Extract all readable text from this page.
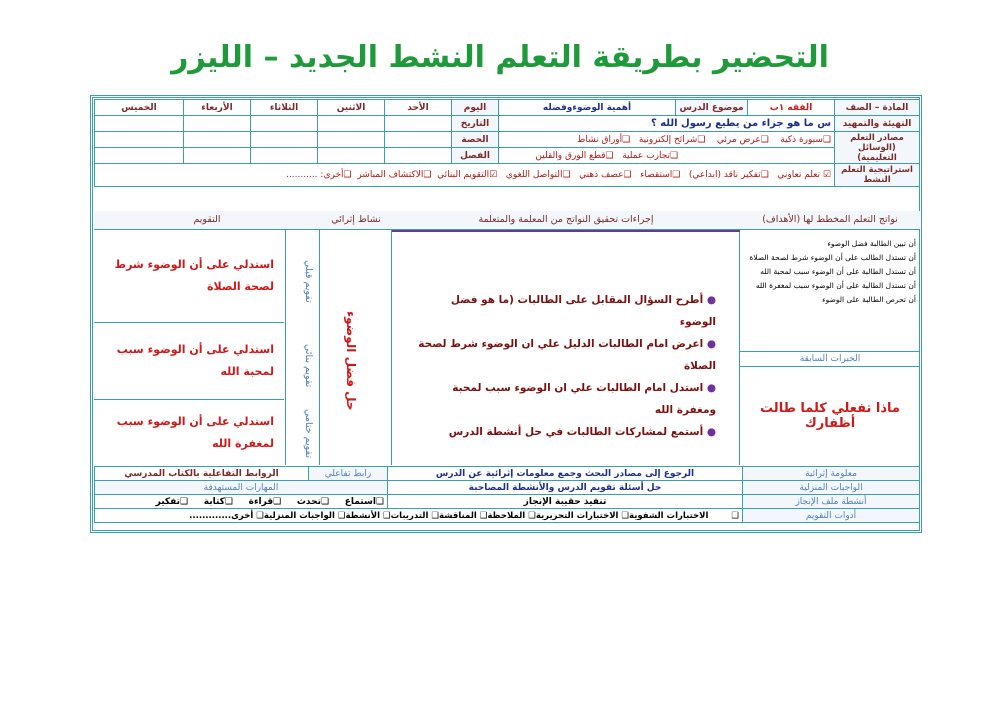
التحضير بطريقة التعلم النشط الجديد – الليزر
المادة – الصف	الفقه ١ب	موضوع الدرس	أهمية الوضوءوفضله	اليوم	الأحد	الاثنين	الثلاثاء	الأربعاء	الخميس
التهيئة والتمهيد	س ما هو جزاء من يطيع رسول الله ؟			التاريخ					
مصادر التعلم (الوسائل التعليمية)	❑سبورة ذكية    ❑عرض مرئي    ❑شرائح إلكترونية   ❑أوراق نشاط			الحصة					
	❑تجارب عملية   ❑قطع الورق والقلين			الفصل					
استراتيجية التعلم النشط	☑ تعلم تعاوني   ❑تفكير ناقد (ابداعي)   ❑استقصاء   ❑عصف ذهني   ❑التواصل اللغوي   ☑التقويم البنائي  ❑الاكتشاف المباشر  ❑أخرى: ...........								
نواتج التعلم المخطط لها (الأهداف)
أن تبين الطالبة فضل الوضوء
أن تستدل الطالب على أن الوضوء شرط لصحة الصلاة
أن تستدل الطالبة على أن الوضوء سبب لمحبة الله
أن تستدل الطالبة على أن الوضوء سبب لمغفرة الله
أن تحرص الطالبة على الوضوء
الخبرات السابقة
ماذا تفعلي كلما طالت أظفارك
إجراءات تحقيق النواتج من المعلمة والمتعلمة
● أطرح السؤال المقابل على الطالبات (ما هو فضل الوضوء
● اعرض امام الطالبات الدليل علي ان الوضوء شرط لصحة الصلاة
● استدل امام الطالبات علي ان الوضوء سبب لمحبة ومغفرة الله
● أستمع لمشاركات الطالبات في حل أنشطة الدرس
نشاط إثرائي
حل فضل الوضوء
التقويم
استدلي على أن الوضوء شرط لصحة الصلاة	تقويم قبلي
استدلي على أن الوضوء سبب لمحبة الله	تقويم بنائي
استدلي على أن الوضوء سبب لمغفرة الله	تقويم ختامي
معلومة إثرائية	الرجوع إلى مصادر البحث وجمع معلومات إثرائية عن الدرس	رابط تفاعلي	الروابط التفاعلية بالكتاب المدرسي
الواجبات المنزلية	حل أسئلة تقويم الدرس والأنشطة المصاحبة	المهارات المستهدفة	
أنشطة ملف الإنجاز	تنفيذ حقيبة الإنجاز	❑استماع     ❑تحدث     ❑قراءة     ❑كتابة     ❑تفكير	
أدوات التقويم	❑ الاختبارات الشفوية❑ الاختبارات التحريرية❑ الملاحظة❑ المناقشة❑ التدريبات❑ الأنشطة❑ الواجبات المنزلية❑ أخرى.............		
